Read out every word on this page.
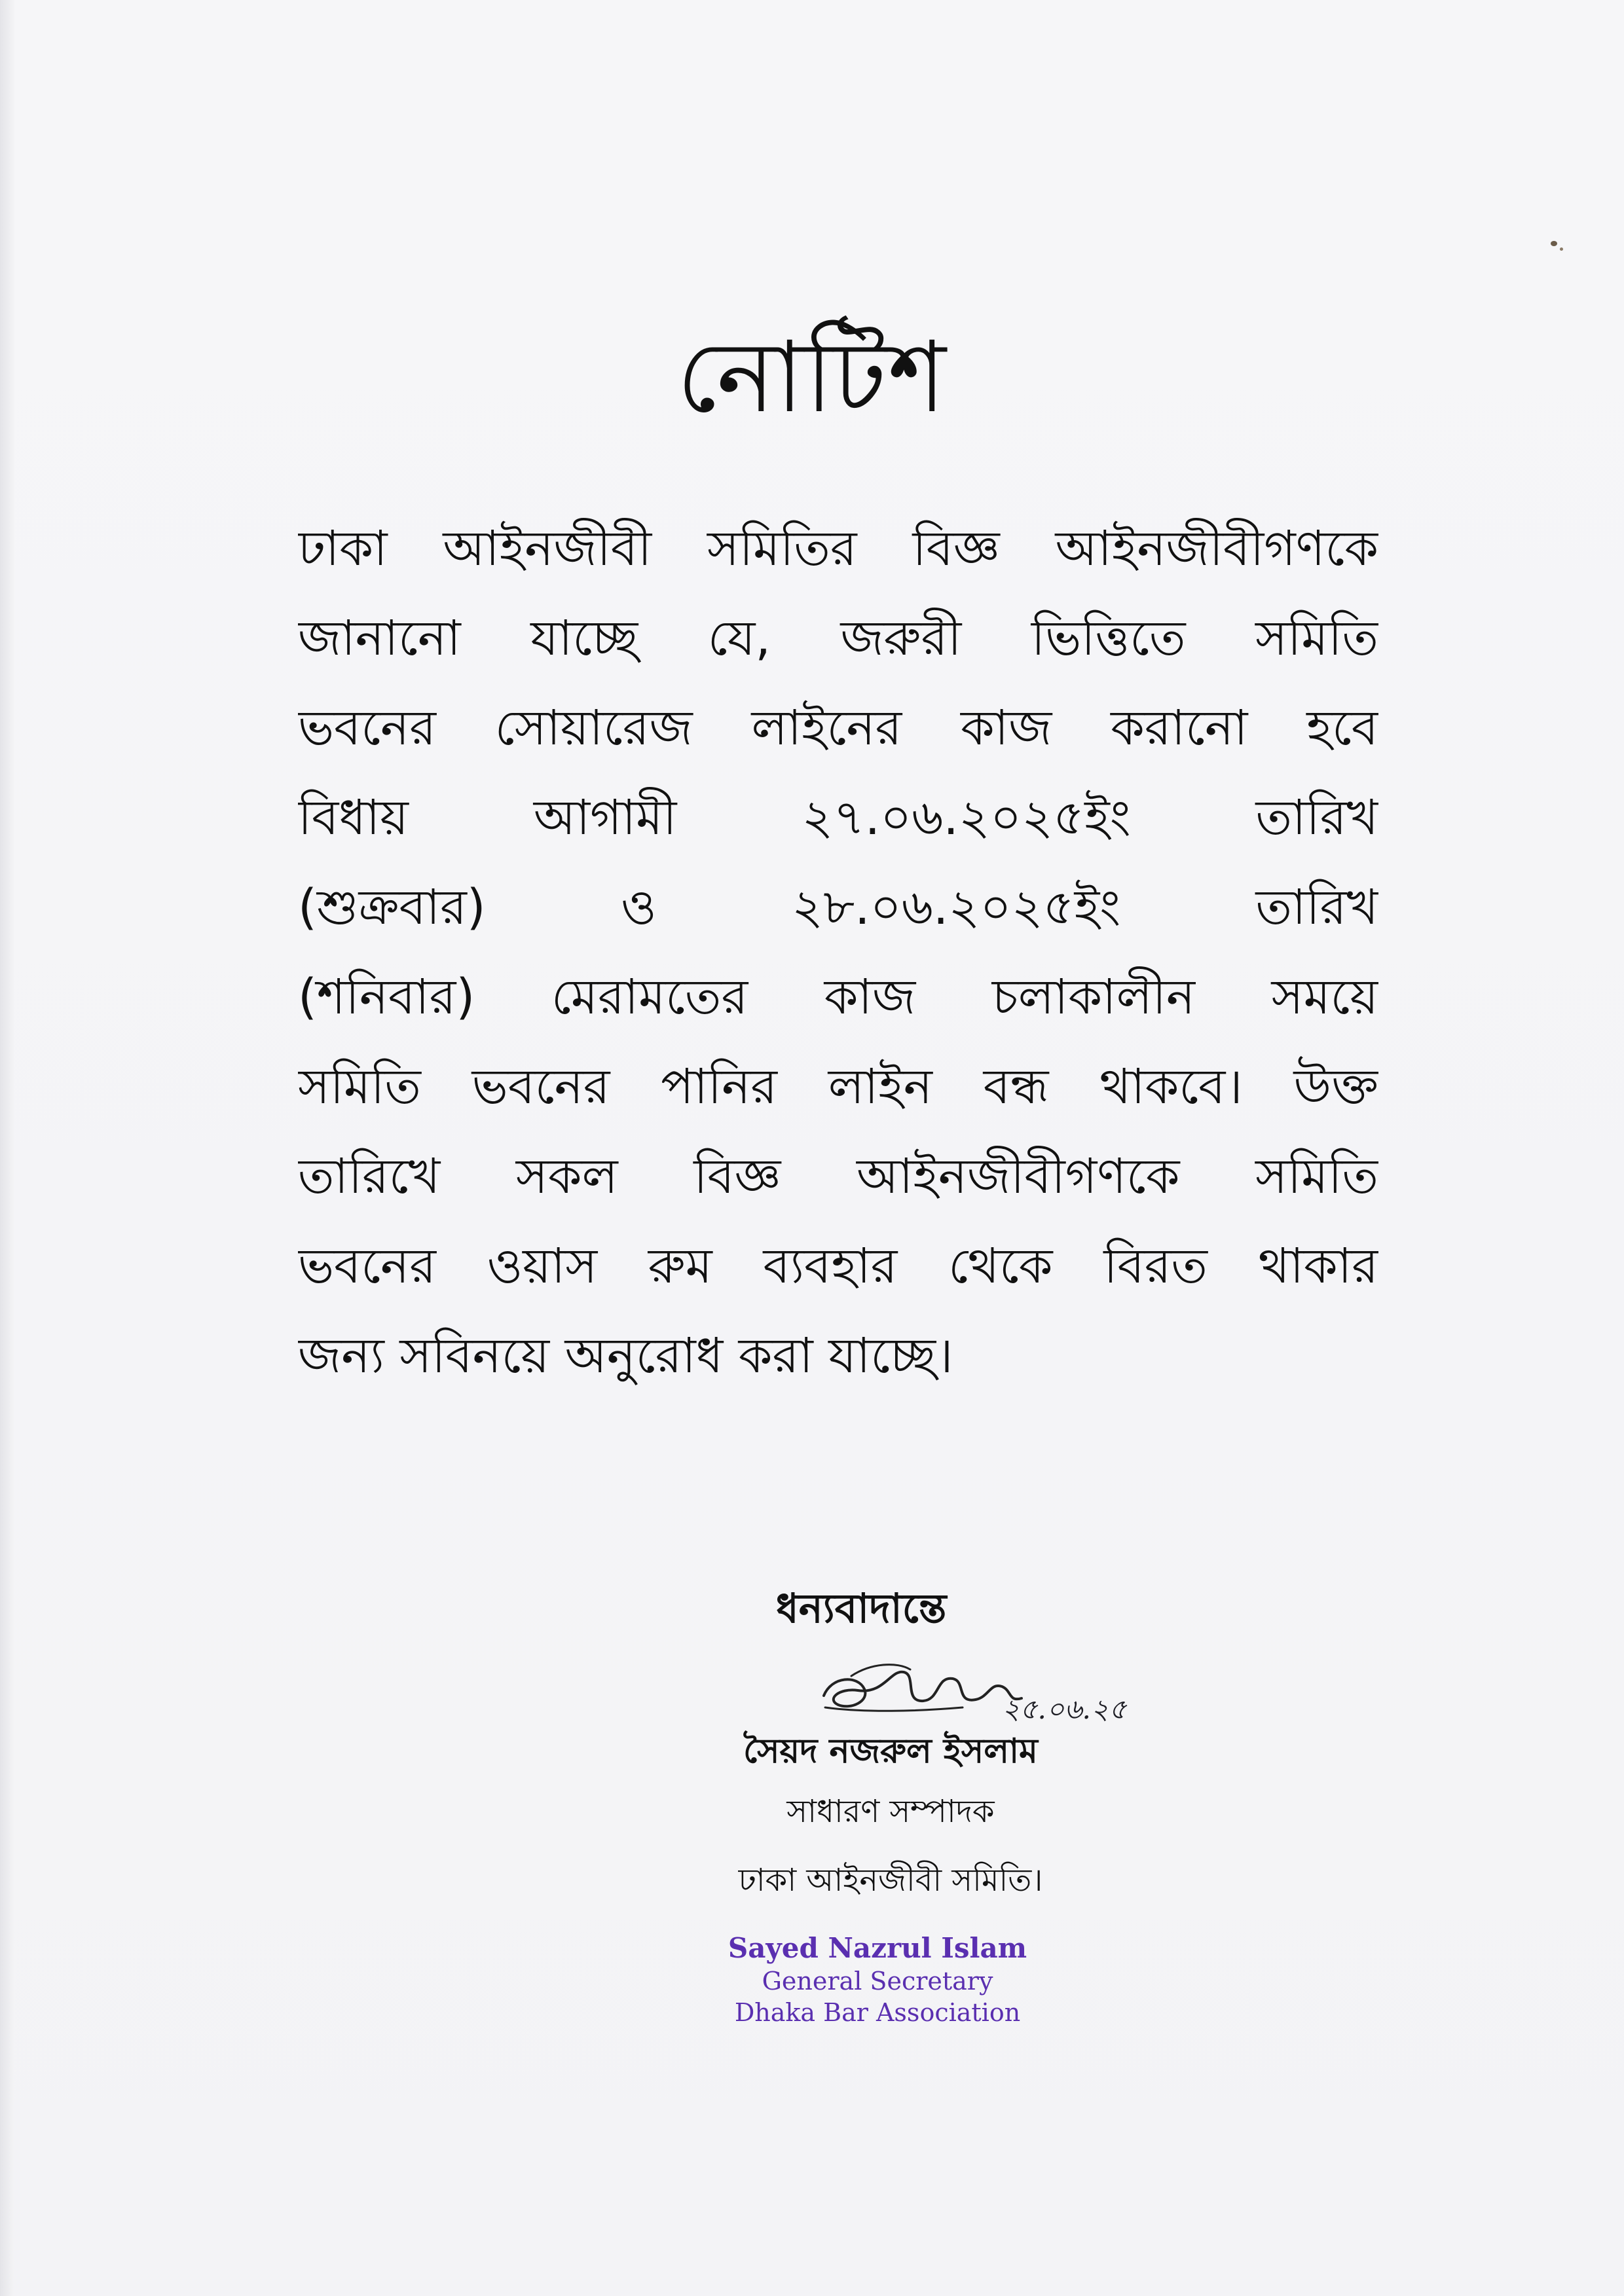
নোটিশ
ঢাকা আইনজীবী সমিতির বিজ্ঞ আইনজীবীগণকে
জানানো যাচ্ছে যে, জরুরী ভিত্তিতে সমিতি
ভবনের সোয়ারেজ লাইনের কাজ করানো হবে
বিধায় আগামী ২৭.০৬.২০২৫ইং তারিখ
(শুক্রবার) ও ২৮.০৬.২০২৫ইং তারিখ
(শনিবার) মেরামতের কাজ চলাকালীন সময়ে
সমিতি ভবনের পানির লাইন বন্ধ থাকবে। উক্ত
তারিখে সকল বিজ্ঞ আইনজীবীগণকে সমিতি
ভবনের ওয়াস রুম ব্যবহার থেকে বিরত থাকার
জন্য সবিনয়ে অনুরোধ করা যাচ্ছে।
ধন্যবাদান্তে
২৫.০৬.২৫
সৈয়দ নজরুল ইসলাম
সাধারণ সম্পাদক
ঢাকা আইনজীবী সমিতি।
Sayed Nazrul Islam
General Secretary
Dhaka Bar Association
